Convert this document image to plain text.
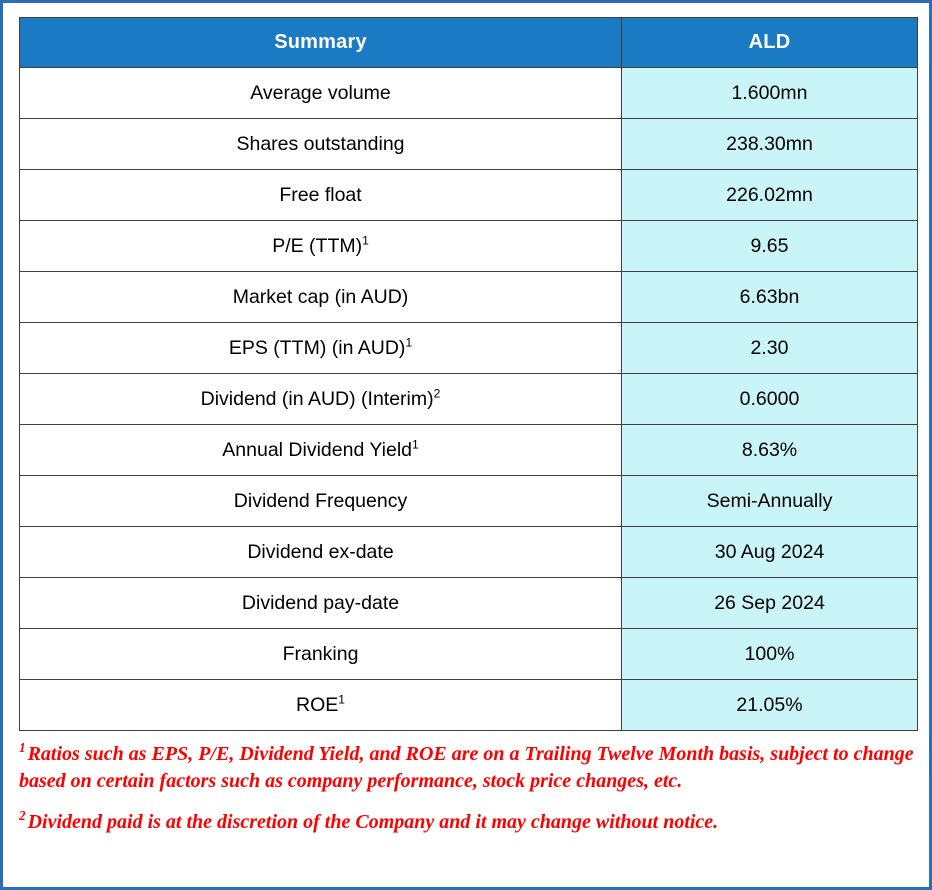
Summary	ALD
Average volume	1.600mn
Shares outstanding	238.30mn
Free float	226.02mn
P/E (TTM)$^1$	9.65
Market cap (in AUD)	6.63bn
EPS (TTM) (in AUD)$^1$	2.30
Dividend (in AUD) (Interim)$^2$	0.6000
Annual Dividend Yield$^1$	8.63%
Dividend Frequency	Semi-Annually
Dividend ex-date	30 Aug 2024
Dividend pay-date	26 Sep 2024
Franking	100%
ROE$^1$	21.05%
$^1$ Ratios such as EPS, P/E, Dividend Yield, and ROE are on a Trailing Twelve Month basis, subject to change based on certain factors such as company performance, stock price changes, etc.
$^2$ Dividend paid is at the discretion of the Company and it may change without notice.
